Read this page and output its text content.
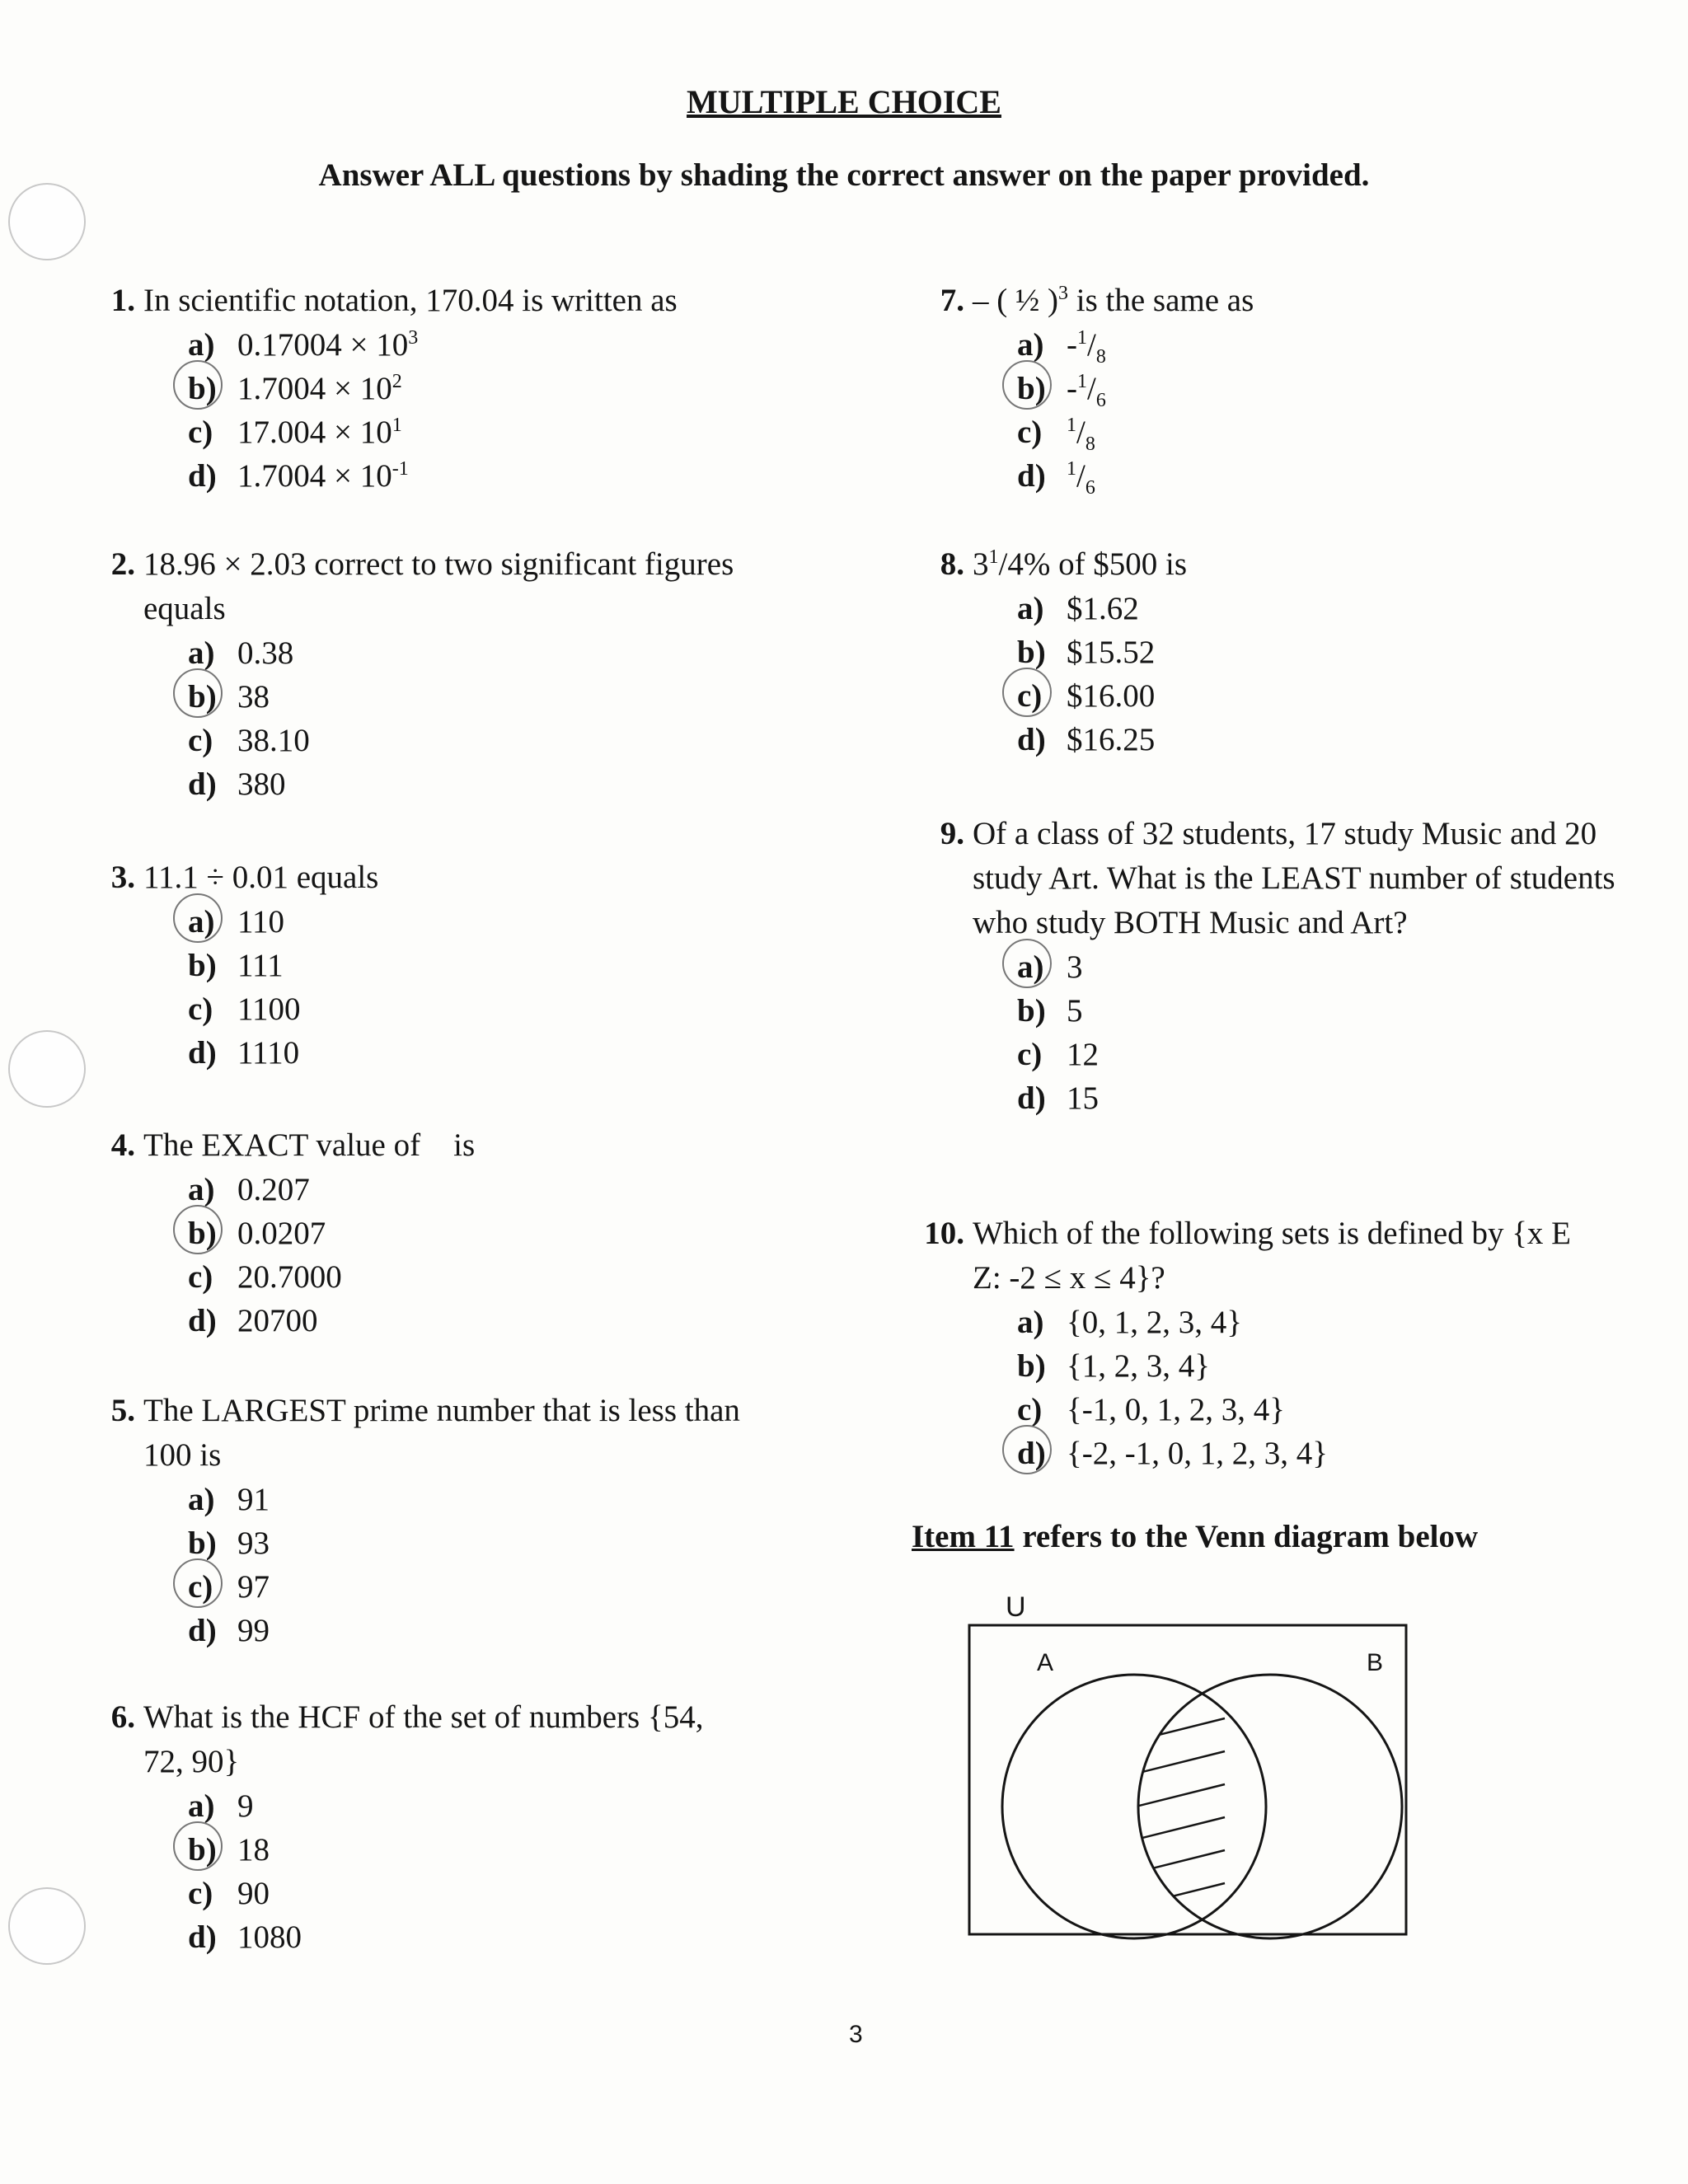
MULTIPLE CHOICE
Answer ALL questions by shading the correct answer on the paper provided.
1. In scientific notation, 170.04 is written as
a) $0.17004 \times 10^3$
b) $1.7004 \times 10^2$
c) $17.004 \times 10^1$
d) $1.7004 \times 10^{-1}$
2. 18.96 × 2.03 correct to two significant figures equals
a) 0.38
b) 38
c) 38.10
d) 380
3. 11.1 ÷ 0.01 equals
a) 110
b) 111
c) 1100
d) 1110
4. The EXACT value of is
a) 0.207
b) 0.0207
c) 20.7000
d) 20700
5. The LARGEST prime number that is less than 100 is
a) 91
b) 93
c) 97
d) 99
6. What is the HCF of the set of numbers {54, 72, 90}
a) 9
b) 18
c) 90
d) 1080
7. – ( ½ )$^3$ is the same as
a) $-^1/_8$
b) $-^1/_6$
c)	$^1/_8$
d)	$^1/_6$
8. $3^1/4\%$ of $500 is
a) $1.62
b) $15.52
c) $16.00
d) $16.25
9. Of a class of 32 students, 17 study Music and 20 study Art. What is the LEAST number of students who study BOTH Music and Art?
a) 3
b) 5
c) 12
d) 15
10. Which of the following sets is defined by {x E Z: -2 ≤ x ≤ 4}?
a) {0, 1, 2, 3, 4}
b) {1, 2, 3, 4}
c) {-1, 0, 1, 2, 3, 4}
d) {-2, -1, 0, 1, 2, 3, 4}
Item 11 refers to the Venn diagram below
U
A	B
3
